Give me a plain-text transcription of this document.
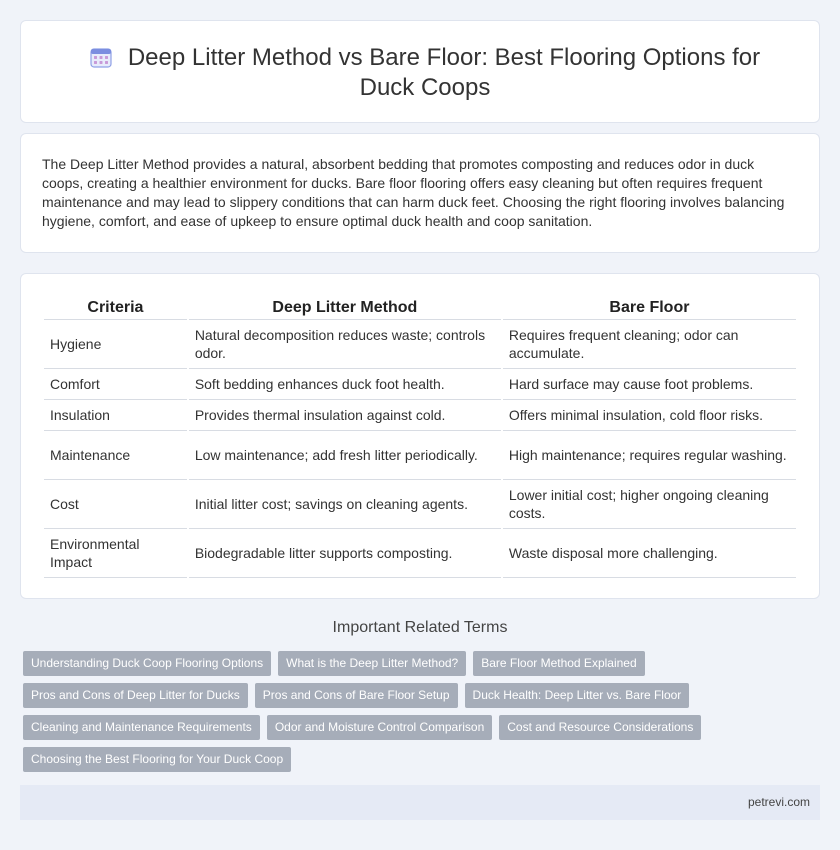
Deep Litter Method vs Bare Floor: Best Flooring Options for Duck Coops

The Deep Litter Method provides a natural, absorbent bedding that promotes composting and reduces odor in duck coops, creating a healthier environment for ducks. Bare floor flooring offers easy cleaning but often requires frequent maintenance and may lead to slippery conditions that can harm duck feet. Choosing the right flooring involves balancing hygiene, comfort, and ease of upkeep to ensure optimal duck health and coop sanitation.

Criteria	Deep Litter Method	Bare Floor
Hygiene	Natural decomposition reduces waste; controls odor.	Requires frequent cleaning; odor can accumulate.
Comfort	Soft bedding enhances duck foot health.	Hard surface may cause foot problems.
Insulation	Provides thermal insulation against cold.	Offers minimal insulation, cold floor risks.
Maintenance	Low maintenance; add fresh litter periodically.	High maintenance; requires regular washing.
Cost	Initial litter cost; savings on cleaning agents.	Lower initial cost; higher ongoing cleaning costs.
Environmental Impact	Biodegradable litter supports composting.	Waste disposal more challenging.
Important Related Terms
Understanding Duck Coop Flooring Options	What is the Deep Litter Method?	Bare Floor Method Explained
Pros and Cons of Deep Litter for Ducks	Pros and Cons of Bare Floor Setup	Duck Health: Deep Litter vs. Bare Floor
Cleaning and Maintenance Requirements	Odor and Moisture Control Comparison	Cost and Resource Considerations
Choosing the Best Flooring for Your Duck Coop
petrevi.com
